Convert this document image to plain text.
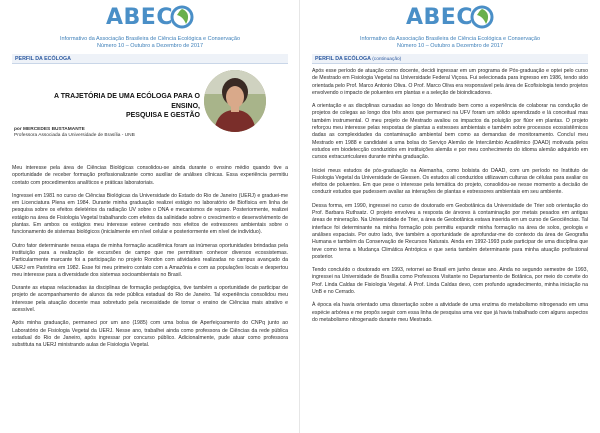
ABEC
Informativo da Associação Brasileira de Ciência Ecológica e Conservação
Número 10 – Outubro a Dezembro de 2017
PERFIL DA ECÓLOGA
A TRAJETÓRIA DE UMA ECÓLOGA PARA O ENSINO,
PESQUISA E GESTÃO
por MERCEDES BUSTAMANTE
Professora Associada da Universidade de Brasília - UNB

Meu interesse pela área de Ciências Biológicas consolidou-se ainda durante o ensino médio quando tive a oportunidade de receber formação profissionalizante como auxiliar de análises clínicas. Essa experiência permitiu contato com procedimentos analíticos e práticas laboratoriais.

Ingressei em 1981 no curso de Ciências Biológicas da Universidade do Estado do Rio de Janeiro (UERJ) e graduei-me em Licenciatura Plena em 1984. Durante minha graduação realizei estágio no laboratório de Biofísica em linha de pesquisa sobre os efeitos deletérios da radiação UV sobre o DNA e mecanismos de reparo. Posteriormente, realizei estágio na área de Fisiologia Vegetal trabalhando com efeitos da salinidade sobre o crescimento e desenvolvimento de plantas. Em ambos os estágios meu interesse esteve centrado nos efeitos de estressores ambientais sobre o funcionamento de sistemas biológicos (inicialmente em nível celular e posteriormente em nível de indivíduo).

Outro fator determinante nessa etapa de minha formação acadêmica foram as inúmeras oportunidades brindadas pela instituição para a realização de excursões de campo que me permitiram conhecer diversos ecossistemas. Particularmente marcante foi a participação no projeto Rondon com atividades realizadas no campus avançado da UERJ em Parintins em 1982. Esse foi meu primeiro contato com a Amazônia e com as populações locais e despertou meu interesse para a diversidade dos sistemas socioambientais no Brasil.

Durante as etapas relacionadas às disciplinas de formação pedagógica, tive também a oportunidade de participar de projeto de acompanhamento de alunos da rede pública estadual do Rio de Janeiro. Tal experiência consolidou meu interesse pela atuação docente mas sobretudo pela necessidade de tornar o ensino de Ciências mais atrativo e acessível.

Após minha graduação, permaneci por um ano (1985) com uma bolsa de Aperfeiçoamento do CNPq junto ao Laboratório de Fisiologia Vegetal da UERJ. Nesse ano, trabalhei ainda como professora de Ciências da rede pública estadual do Rio de Janeiro, após ingressar por concurso público. Adicionalmente, pude atuar como professora substituta na UERJ ministrando aulas de Fisiologia Vegetal.

ABEC
Informativo da Associação Brasileira de Ciência Ecológica e Conservação
Número 10 – Outubro a Dezembro de 2017
PERFIL DA ECÓLOGA (continuação)

Após esse período de atuação como docente, decidi ingressar em um programa de Pós-graduação e optei pelo curso de Mestrado em Fisiologia Vegetal na Universidade Federal Viçosa. Fui selecionada para ingresso em 1986, tendo sido orientada pelo Prof. Marco Antonio Oliva. O Prof. Marco Oliva era responsável pela área de Ecofisiologia tendo projetos envolvendo o impacto de poluentes em plantas e a seleção de bioindicadores.

A orientação e as disciplinas cursadas ao longo do Mestrado bem como a experiência de colaborar na condução de projetos de colegas ao longo dos três anos que permaneci na UFV foram um sólido aprendizado e lá conceitual mas também instrumental. O meu projeto de Mestrado avaliou os impactos da poluição por flúor em plantas. O projeto reforçou meu interesse pelas respostas de plantas a estresses ambientais e também sobre processos ecossistêmicos dadas as complexidades da contaminação ambiental bem como as demandas de monitoramento. Concluí meu Mestrado em 1988 e candidatei a uma bolsa do Serviço Alemão de Intercâmbio Acadêmico (DAAD) motivada pelos estudos em biodetecção conduzidos em instituições alemãs e por meu conhecimento do idioma alemão adquirido em cursos extracurriculares durante minha graduação.

Iniciei meus estudos de pós-graduação na Alemanha, como bolsista do DAAD, com um período no Instituto de Fisiologia Vegetal da Universidade de Giessen. Os estudos ali conduzidos utilizavam culturas de células para avaliar os efeitos de poluentes. Em que pese o interesse pela temática do projeto, consolidou-se nesse momento a decisão de conduzir estudos que pudessem avaliar as interações de plantas e estressores ambientais em seu ambiente.

Dessa forma, em 1990, ingressei no curso de doutorado em Geobotânica da Universidade de Trier sob orientação do Prof. Barbara Ruthsatz. O projeto envolveu a resposta de árvores à contaminação por metais pesados em antigas áreas de mineração. Na Universidade de Trier, a área de Geobotânica estava inserida em um curso de Geociências. Tal interface foi determinante na minha formação pois permitiu expandir minha formação na área de solos, geologia e análises espaciais. Por outro lado, tive também a oportunidade de aprofundar-me do contexto da área de Geografia Humana e também da Conservação de Recursos Naturais. Ainda em 1992-1993 pude participar de uma disciplina que teve como tema a Mudança Climática Antrópica e que seria também determinante para minha atuação profissional posterior.

Tendo concluído o doutorado em 1993, retornei ao Brasil em junho desse ano. Ainda no segundo semestre de 1993, ingressei na Universidade de Brasília como Professora Visitante no Departamento de Botânica, por meio do convite do Prof. Linda Caldas de Fisiologia Vegetal. À Prof. Linda Caldas devo, com profundo agradecimento, minha iniciação na UnB e no Cerrado.

À época ela havia orientado uma dissertação sobre a atividade de uma enzima do metabolismo nitrogenado em uma espécie arbórea e me propôs seguir com essa linha de pesquisa uma vez que já havia trabalhado com alguns aspectos do metabolismo nitrogenado durante meu Mestrado.
